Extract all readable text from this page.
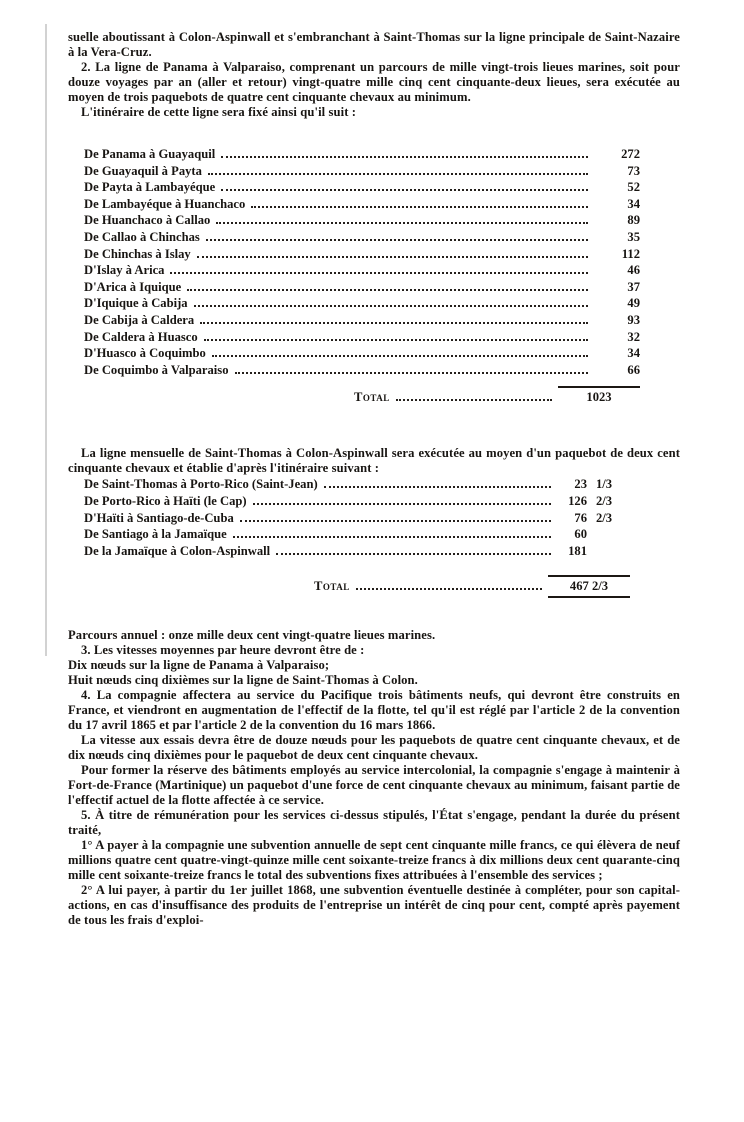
suelle aboutissant à Colon-Aspinwall et s'embranchant à Saint-Thomas sur la ligne principale de Saint-Nazaire à la Vera-Cruz.

2. La ligne de Panama à Valparaiso, comprenant un parcours de mille vingt-trois lieues marines, soit pour douze voyages par an (aller et retour) vingt-quatre mille cinq cent cinquante-deux lieues, sera exécutée au moyen de trois paquebots de quatre cent cinquante chevaux au minimum.

L'itinéraire de cette ligne sera fixé ainsi qu'il suit :

De Panama à Guayaquil	272
De Guayaquil à Payta	73
De Payta à Lambayéque	52
De Lambayéque à Huanchaco	34
De Huanchaco à Callao	89
De Callao à Chinchas	35
De Chinchas à Islay	112
D'Islay à Arica	46
D'Arica à Iquique	37
D'Iquique à Cabija	49
De Cabija à Caldera	93
De Caldera à Huasco	32
D'Huasco à Coquimbo	34
De Coquimbo à Valparaiso	66
Total	1023

La ligne mensuelle de Saint-Thomas à Colon-Aspinwall sera exécutée au moyen d'un paquebot de deux cent cinquante chevaux et établie d'après l'itinéraire suivant :

De Saint-Thomas à Porto-Rico (Saint-Jean)	23 1/3
De Porto-Rico à Haïti (le Cap)	126 2/3
D'Haïti à Santiago-de-Cuba	76 2/3
De Santiago à la Jamaïque	60
De la Jamaïque à Colon-Aspinwall	181
Total	467 2/3

Parcours annuel : onze mille deux cent vingt-quatre lieues marines.

3. Les vitesses moyennes par heure devront être de :

Dix nœuds sur la ligne de Panama à Valparaiso;

Huit nœuds cinq dixièmes sur la ligne de Saint-Thomas à Colon.

4. La compagnie affectera au service du Pacifique trois bâtiments neufs, qui devront être construits en France, et viendront en augmentation de l'effectif de la flotte, tel qu'il est réglé par l'article 2 de la convention du 17 avril 1865 et par l'article 2 de la convention du 16 mars 1866.

La vitesse aux essais devra être de douze nœuds pour les paquebots de quatre cent cinquante chevaux, et de dix nœuds cinq dixièmes pour le paquebot de deux cent cinquante chevaux.

Pour former la réserve des bâtiments employés au service intercolonial, la compagnie s'engage à maintenir à Fort-de-France (Martinique) un paquebot d'une force de cent cinquante chevaux au minimum, faisant partie de l'effectif actuel de la flotte affectée à ce service.

5. À titre de rémunération pour les services ci-dessus stipulés, l'État s'engage, pendant la durée du présent traité,

1° A payer à la compagnie une subvention annuelle de sept cent cinquante mille francs, ce qui élèvera de neuf millions quatre cent quatre-vingt-quinze mille cent soixante-treize francs à dix millions deux cent quarante-cinq mille cent soixante-treize francs le total des subventions fixes attribuées à l'ensemble des services ;

2° A lui payer, à partir du 1er juillet 1868, une subvention éventuelle destinée à compléter, pour son capital-actions, en cas d'insuffisance des produits de l'entreprise un intérêt de cinq pour cent, compté après payement de tous les frais d'exploi-
